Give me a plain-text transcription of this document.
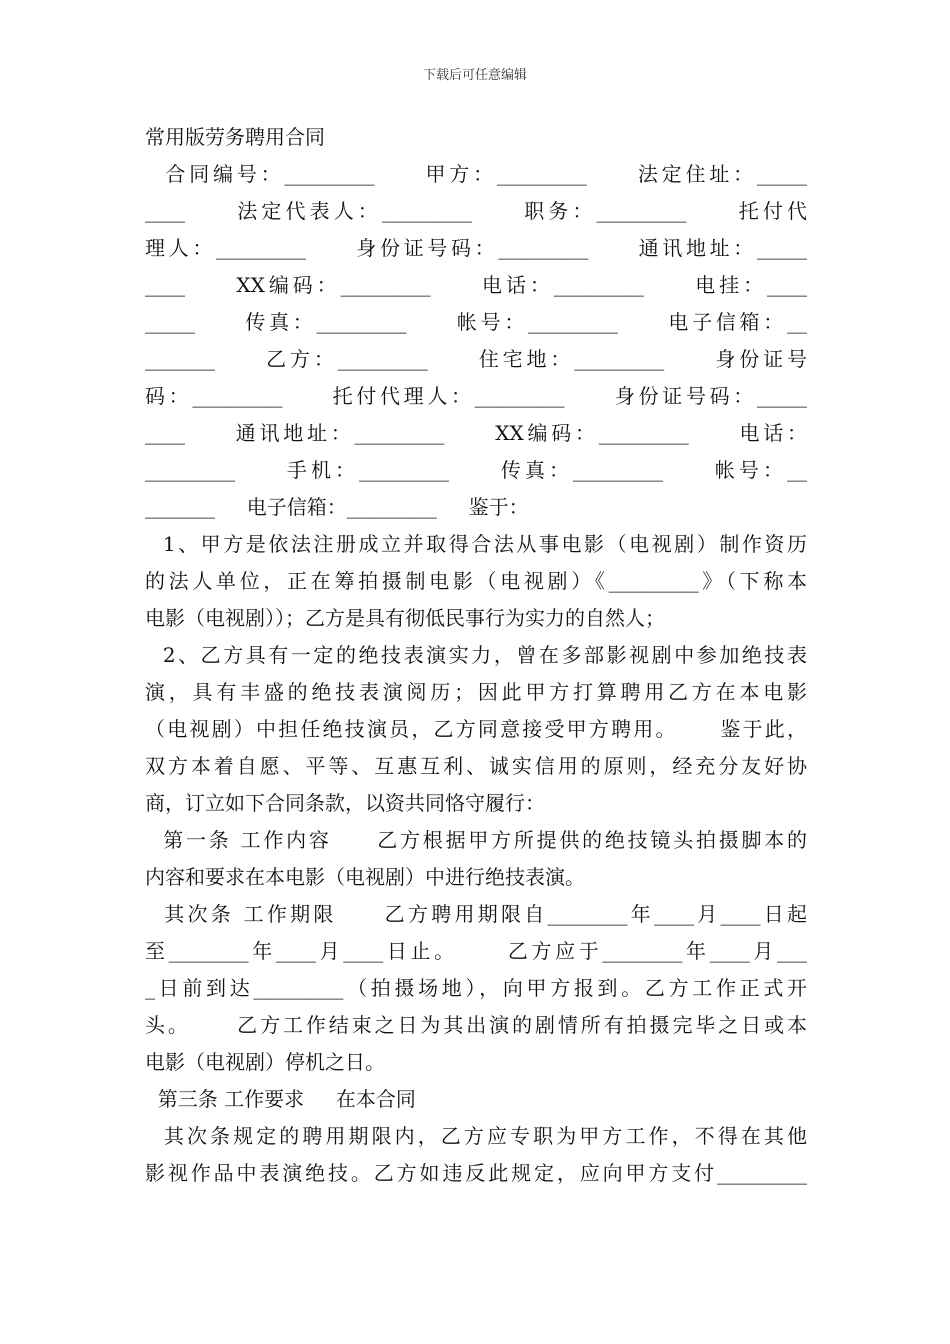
下载后可任意编辑
常用版劳务聘用合同
合同编号：_________     甲方：_________     法定住址：_____
____     法定代表人：_________     职务：_________     托付代
理人：_________     身份证号码：_________     通讯地址：_____
____     XX编码：_________     电话：_________     电挂：____
_____     传真：_________     帐号：_________     电子信箱：__
_______     乙方：_________     住宅地：_________     身份证号
码：_________     托付代理人：_________     身份证号码：_____
____     通讯地址：_________     XX编码：_________     电话：
_________     手机：_________     传真：_________     帐号：__
_______     电子信箱：_________     鉴于：
1、甲方是依法注册成立并取得合法从事电影（电视剧）制作资历
的法人单位，正在筹拍摄制电影（电视剧）《_________》（下称本
电影（电视剧））；乙方是具有彻低民事行为实力的自然人；
2、乙方具有一定的绝技表演实力，曾在多部影视剧中参加绝技表
演，具有丰盛的绝技表演阅历；因此甲方打算聘用乙方在本电影
（电视剧）中担任绝技演员，乙方同意接受甲方聘用。     鉴于此，
双方本着自愿、平等、互惠互利、诚实信用的原则，经充分友好协
商，订立如下合同条款，以资共同恪守履行：
第一条 工作内容     乙方根据甲方所提供的绝技镜头拍摄脚本的
内容和要求在本电影（电视剧）中进行绝技表演。
其次条 工作期限     乙方聘用期限自________年____月____日起
至________年____月____日止。     乙方应于________年____月___
_日前到达_________（拍摄场地），向甲方报到。乙方工作正式开
头。     乙方工作结束之日为其出演的剧情所有拍摄完毕之日或本
电影（电视剧）停机之日。
第三条 工作要求     在本合同
其次条规定的聘用期限内，乙方应专职为甲方工作，不得在其他
影视作品中表演绝技。乙方如违反此规定，应向甲方支付_________
